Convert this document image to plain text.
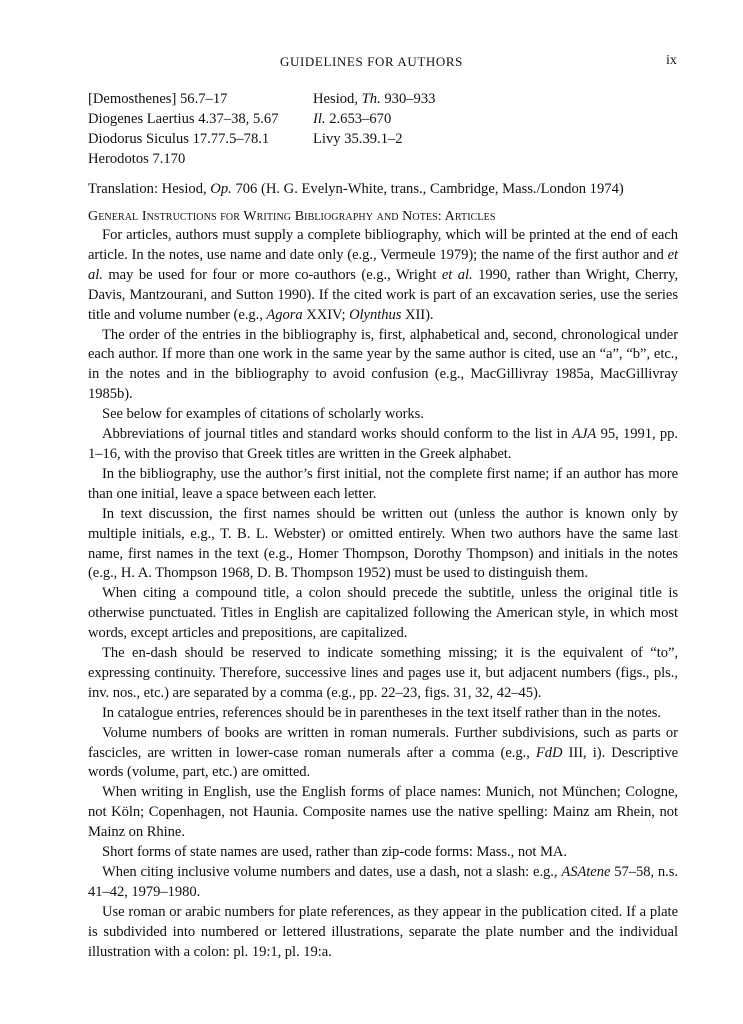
GUIDELINES FOR AUTHORS	ix
[Demosthenes] 56.7–17
Diogenes Laertius 4.37–38, 5.67
Diodorus Siculus 17.77.5–78.1
Herodotos 7.170
Hesiod, Th. 930–933
Il. 2.653–670
Livy 35.39.1–2
Translation: Hesiod, Op. 706 (H. G. Evelyn-White, trans., Cambridge, Mass./London 1974)
General Instructions for Writing Bibliography and Notes: Articles

For articles, authors must supply a complete bibliography, which will be printed at the end of each article. In the notes, use name and date only (e.g., Vermeule 1979); the name of the first author and et al. may be used for four or more co-authors (e.g., Wright et al. 1990, rather than Wright, Cherry, Davis, Mantzourani, and Sutton 1990). If the cited work is part of an excavation series, use the series title and volume number (e.g., Agora XXIV; Olynthus XII).

The order of the entries in the bibliography is, first, alphabetical and, second, chronological under each author. If more than one work in the same year by the same author is cited, use an “a”, “b”, etc., in the notes and in the bibliography to avoid confusion (e.g., MacGillivray 1985a, MacGillivray 1985b).

See below for examples of citations of scholarly works.

Abbreviations of journal titles and standard works should conform to the list in AJA 95, 1991, pp. 1–16, with the proviso that Greek titles are written in the Greek alphabet.

In the bibliography, use the author’s first initial, not the complete first name; if an author has more than one initial, leave a space between each letter.

In text discussion, the first names should be written out (unless the author is known only by multiple initials, e.g., T. B. L. Webster) or omitted entirely. When two authors have the same last name, first names in the text (e.g., Homer Thompson, Dorothy Thompson) and initials in the notes (e.g., H. A. Thompson 1968, D. B. Thompson 1952) must be used to distinguish them.

When citing a compound title, a colon should precede the subtitle, unless the original title is otherwise punctuated. Titles in English are capitalized following the American style, in which most words, except articles and prepositions, are capitalized.

The en-dash should be reserved to indicate something missing; it is the equivalent of “to”, expressing continuity. Therefore, successive lines and pages use it, but adjacent numbers (figs., pls., inv. nos., etc.) are separated by a comma (e.g., pp. 22–23, figs. 31, 32, 42–45).

In catalogue entries, references should be in parentheses in the text itself rather than in the notes.

Volume numbers of books are written in roman numerals. Further subdivisions, such as parts or fascicles, are written in lower-case roman numerals after a comma (e.g., FdD III, i). Descriptive words (volume, part, etc.) are omitted.

When writing in English, use the English forms of place names: Munich, not München; Cologne, not Köln; Copenhagen, not Haunia. Composite names use the native spelling: Mainz am Rhein, not Mainz on Rhine.

Short forms of state names are used, rather than zip-code forms: Mass., not MA.

When citing inclusive volume numbers and dates, use a dash, not a slash: e.g., ASAtene 57–58, n.s. 41–42, 1979–1980.

Use roman or arabic numbers for plate references, as they appear in the publication cited. If a plate is subdivided into numbered or lettered illustrations, separate the plate number and the individual illustration with a colon: pl. 19:1, pl. 19:a.
